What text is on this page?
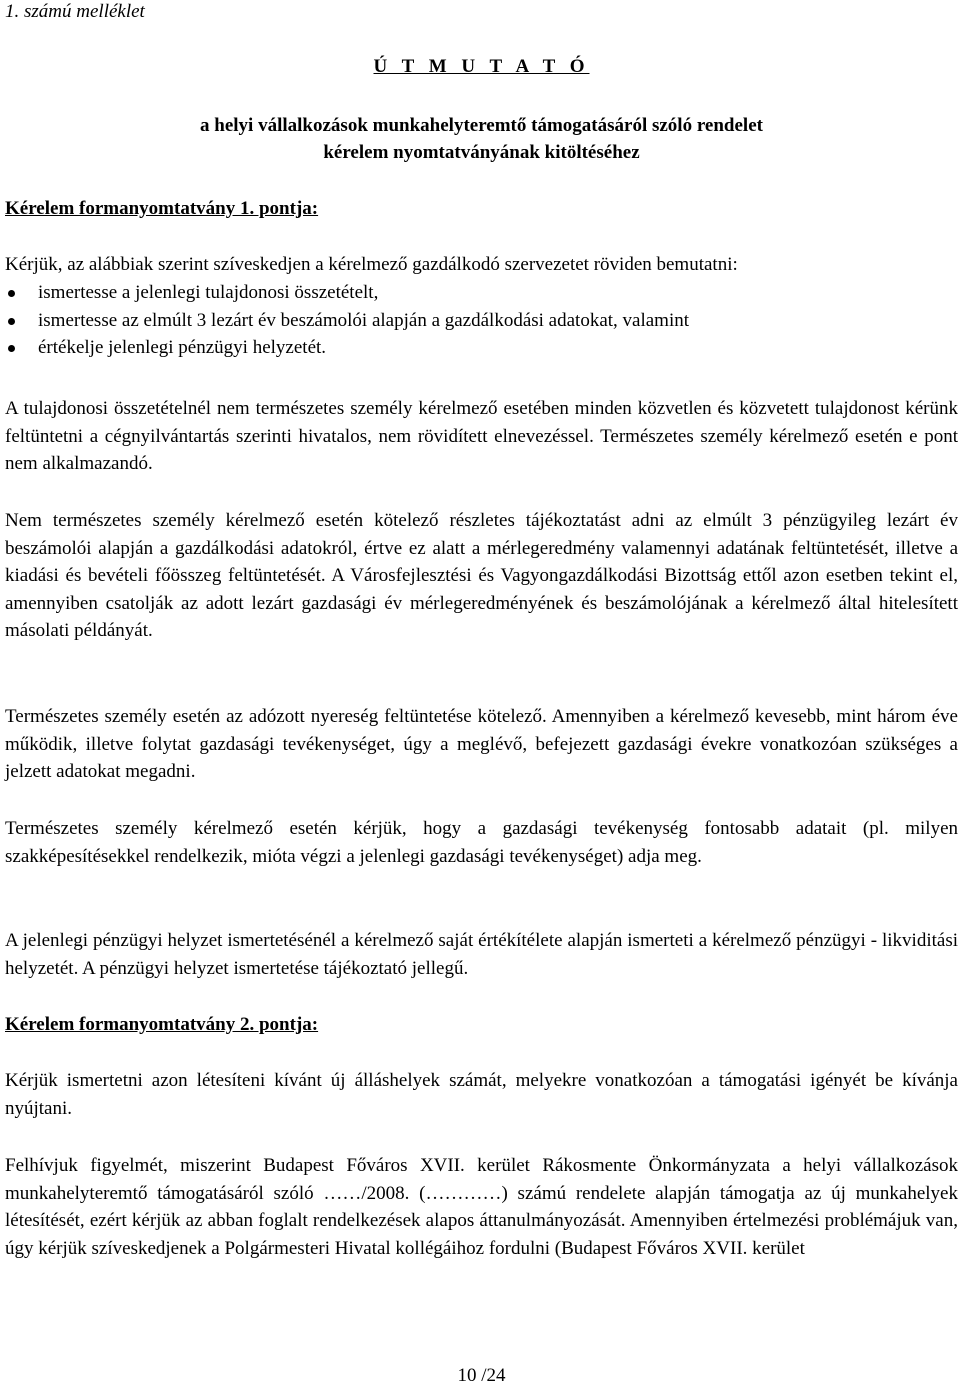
1. számú melléklet
Ú T M U T A T Ó
a helyi vállalkozások munkahelyteremtő támogatásáról szóló rendelet
kérelem nyomtatványának kitöltéséhez
Kérelem formanyomtatvány 1. pontja:
Kérjük, az alábbiak szerint szíveskedjen a kérelmező gazdálkodó szervezetet röviden bemutatni:
ismertesse a jelenlegi tulajdonosi összetételt,
ismertesse az elmúlt 3 lezárt év beszámolói alapján a gazdálkodási adatokat, valamint
értékelje jelenlegi pénzügyi helyzetét.
A tulajdonosi összetételnél nem természetes személy kérelmező esetében minden közvetlen és közvetett tulajdonost kérünk feltüntetni a cégnyilvántartás szerinti hivatalos, nem rövidített elnevezéssel. Természetes személy kérelmező esetén e pont nem alkalmazandó.
Nem természetes személy kérelmező esetén kötelező részletes tájékoztatást adni az elmúlt 3 pénzügyileg lezárt év beszámolói alapján a gazdálkodási adatokról, értve ez alatt a mérlegeredmény valamennyi adatának feltüntetését, illetve a kiadási és bevételi főösszeg feltüntetését. A Városfejlesztési és Vagyongazdálkodási Bizottság ettől azon esetben tekint el, amennyiben csatolják az adott lezárt gazdasági év mérlegeredményének és beszámolójának a kérelmező által hitelesített másolati példányát.
Természetes személy esetén az adózott nyereség feltüntetése kötelező. Amennyiben a kérelmező kevesebb, mint három éve működik, illetve folytat gazdasági tevékenységet, úgy a meglévő, befejezett gazdasági évekre vonatkozóan szükséges a jelzett adatokat megadni.
Természetes személy kérelmező esetén kérjük, hogy a gazdasági tevékenység fontosabb adatait (pl. milyen szakképesítésekkel rendelkezik, mióta végzi a jelenlegi gazdasági tevékenységet) adja meg.
A jelenlegi pénzügyi helyzet ismertetésénél a kérelmező saját értékítélete alapján ismerteti a kérelmező pénzügyi - likviditási helyzetét. A pénzügyi helyzet ismertetése tájékoztató jellegű.
Kérelem formanyomtatvány 2. pontja:
Kérjük ismertetni azon létesíteni kívánt új álláshelyek számát, melyekre vonatkozóan a támogatási igényét be kívánja nyújtani.
Felhívjuk figyelmét, miszerint Budapest Főváros XVII. kerület Rákosmente Önkormányzata a helyi vállalkozások munkahelyteremtő támogatásáról szóló ……/2008. (…………) számú rendelete alapján támogatja az új munkahelyek létesítését, ezért kérjük az abban foglalt rendelkezések alapos áttanulmányozását. Amennyiben értelmezési problémájuk van, úgy kérjük szíveskedjenek a Polgármesteri Hivatal kollégáihoz fordulni (Budapest Főváros XVII. kerület
10 /24
